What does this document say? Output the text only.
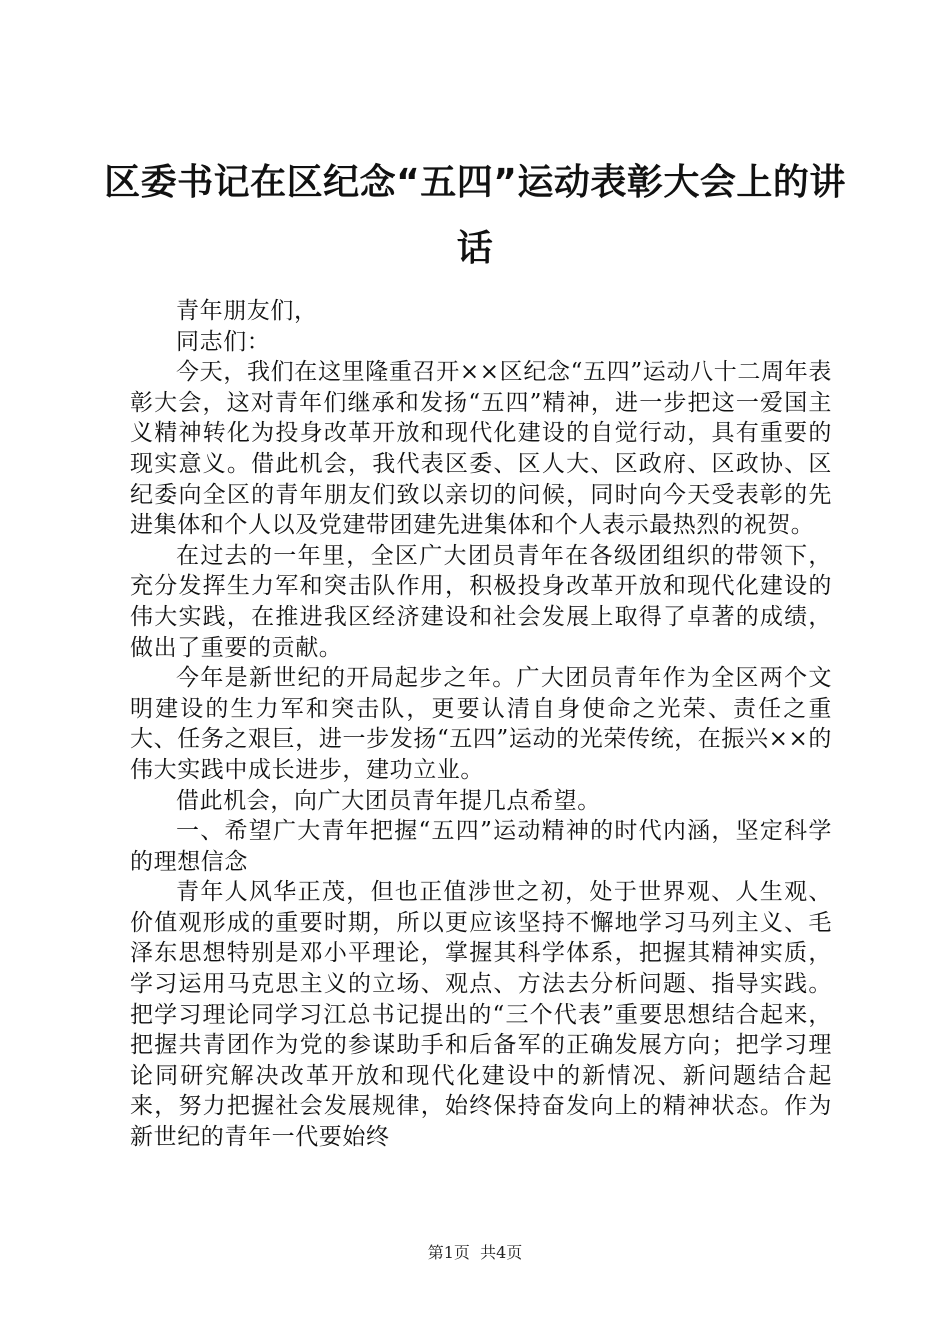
区委书记在区纪念“五四”运动表彰大会上的讲话

青年朋友们，

同志们：

今天，我们在这里隆重召开××区纪念“五四”运动八十二周年表彰大会，这对青年们继承和发扬“五四”精神，进一步把这一爱国主义精神转化为投身改革开放和现代化建设的自觉行动，具有重要的现实意义。借此机会，我代表区委、区人大、区政府、区政协、区纪委向全区的青年朋友们致以亲切的问候，同时向今天受表彰的先进集体和个人以及党建带团建先进集体和个人表示最热烈的祝贺。

在过去的一年里，全区广大团员青年在各级团组织的带领下，充分发挥生力军和突击队作用，积极投身改革开放和现代化建设的伟大实践，在推进我区经济建设和社会发展上取得了卓著的成绩，做出了重要的贡献。

今年是新世纪的开局起步之年。广大团员青年作为全区两个文明建设的生力军和突击队，更要认清自身使命之光荣、责任之重大、任务之艰巨，进一步发扬“五四”运动的光荣传统，在振兴××的伟大实践中成长进步，建功立业。

借此机会，向广大团员青年提几点希望。

一、希望广大青年把握“五四”运动精神的时代内涵，坚定科学的理想信念

青年人风华正茂，但也正值涉世之初，处于世界观、人生观、价值观形成的重要时期，所以更应该坚持不懈地学习马列主义、毛泽东思想特别是邓小平理论，掌握其科学体系，把握其精神实质，学习运用马克思主义的立场、观点、方法去分析问题、指导实践。把学习理论同学习江总书记提出的“三个代表”重要思想结合起来，把握共青团作为党的参谋助手和后备军的正确发展方向；把学习理论同研究解决改革开放和现代化建设中的新情况、新问题结合起来，努力把握社会发展规律，始终保持奋发向上的精神状态。作为新世纪的青年一代要始终

第1页 共4页
